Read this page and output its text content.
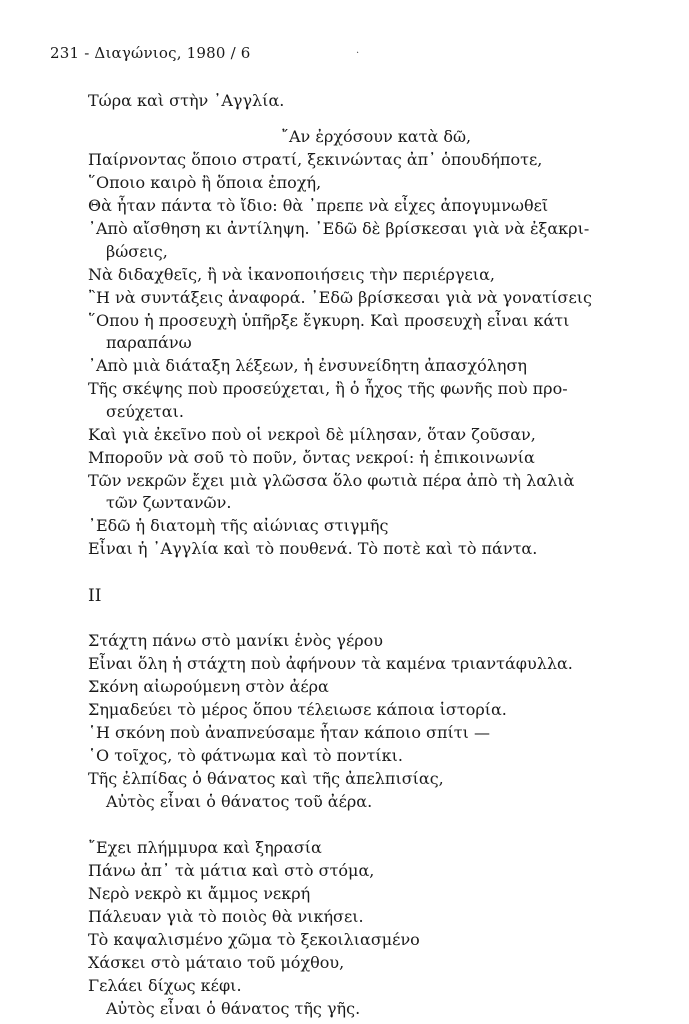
231 - Διαγώνιος, 1980 / 6	·
Τώρα καὶ στὴν ᾽Αγγλία.
῎Αν ἐρχόσουν κατὰ δῶ,
Παίρνοντας ὅποιο στρατί, ξεκινώντας ἀπ᾽ ὁπουδήποτε,
῞Οποιο καιρὸ ἢ ὅποια ἐποχή,
Θὰ ἦταν πάντα τὸ ἴδιο: θὰ ᾽πρεπε νὰ εἶχες ἀπογυμνωθεῖ
᾽Απὸ αἴσθηση κι ἀντίληψη. ᾽Εδῶ δὲ βρίσκεσαι γιὰ νὰ ἐξακρι-
βώσεις,
Νὰ διδαχθεῖς, ἢ νὰ ἱκανοποιήσεις τὴν περιέργεια,
῍Η νὰ συντάξεις ἀναφορά. ᾽Εδῶ βρίσκεσαι γιὰ νὰ γονατίσεις
῞Οπου ἡ προσευχὴ ὑπῆρξε ἔγκυρη. Καὶ προσευχὴ εἶναι κάτι
παραπάνω
᾽Απὸ μιὰ διάταξη λέξεων, ἡ ἐνσυνείδητη ἀπασχόληση
Τῆς σκέψης ποὺ προσεύχεται, ἢ ὁ ἦχος τῆς φωνῆς ποὺ προ-
σεύχεται.
Καὶ γιὰ ἐκεῖνο ποὺ οἱ νεκροὶ δὲ μίλησαν, ὅταν ζοῦσαν,
Μποροῦν νὰ σοῦ τὸ ποῦν, ὄντας νεκροί: ἡ ἐπικοινωνία
Τῶν νεκρῶν ἔχει μιὰ γλῶσσα ὅλο φωτιὰ πέρα ἀπὸ τὴ λαλιὰ
τῶν ζωντανῶν.
᾽Εδῶ ἡ διατομὴ τῆς αἰώνιας στιγμῆς
Εἶναι ἡ ᾽Αγγλία καὶ τὸ πουθενά. Τὸ ποτὲ καὶ τὸ πάντα.
II
Στάχτη πάνω στὸ μανίκι ἑνὸς γέρου
Εἶναι ὅλη ἡ στάχτη ποὺ ἀφήνουν τὰ καμένα τριαντάφυλλα.
Σκόνη αἰωρούμενη στὸν ἀέρα
Σημαδεύει τὸ μέρος ὅπου τέλειωσε κάποια ἱστορία.
῾Η σκόνη ποὺ ἀναπνεύσαμε ἦταν κάποιο σπίτι —
῾Ο τοῖχος, τὸ φάτνωμα καὶ τὸ ποντίκι.
Τῆς ἐλπίδας ὁ θάνατος καὶ τῆς ἀπελπισίας,
Αὐτὸς εἶναι ὁ θάνατος τοῦ ἀέρα.
῎Εχει πλήμμυρα καὶ ξηρασία
Πάνω ἀπ᾽ τὰ μάτια καὶ στὸ στόμα,
Νερὸ νεκρὸ κι ἄμμος νεκρή
Πάλευαν γιὰ τὸ ποιὸς θὰ νικήσει.
Τὸ καψαλισμένο χῶμα τὸ ξεκοιλιασμένο
Χάσκει στὸ μάταιο τοῦ μόχθου,
Γελάει δίχως κέφι.
Αὐτὸς εἶναι ὁ θάνατος τῆς γῆς.
